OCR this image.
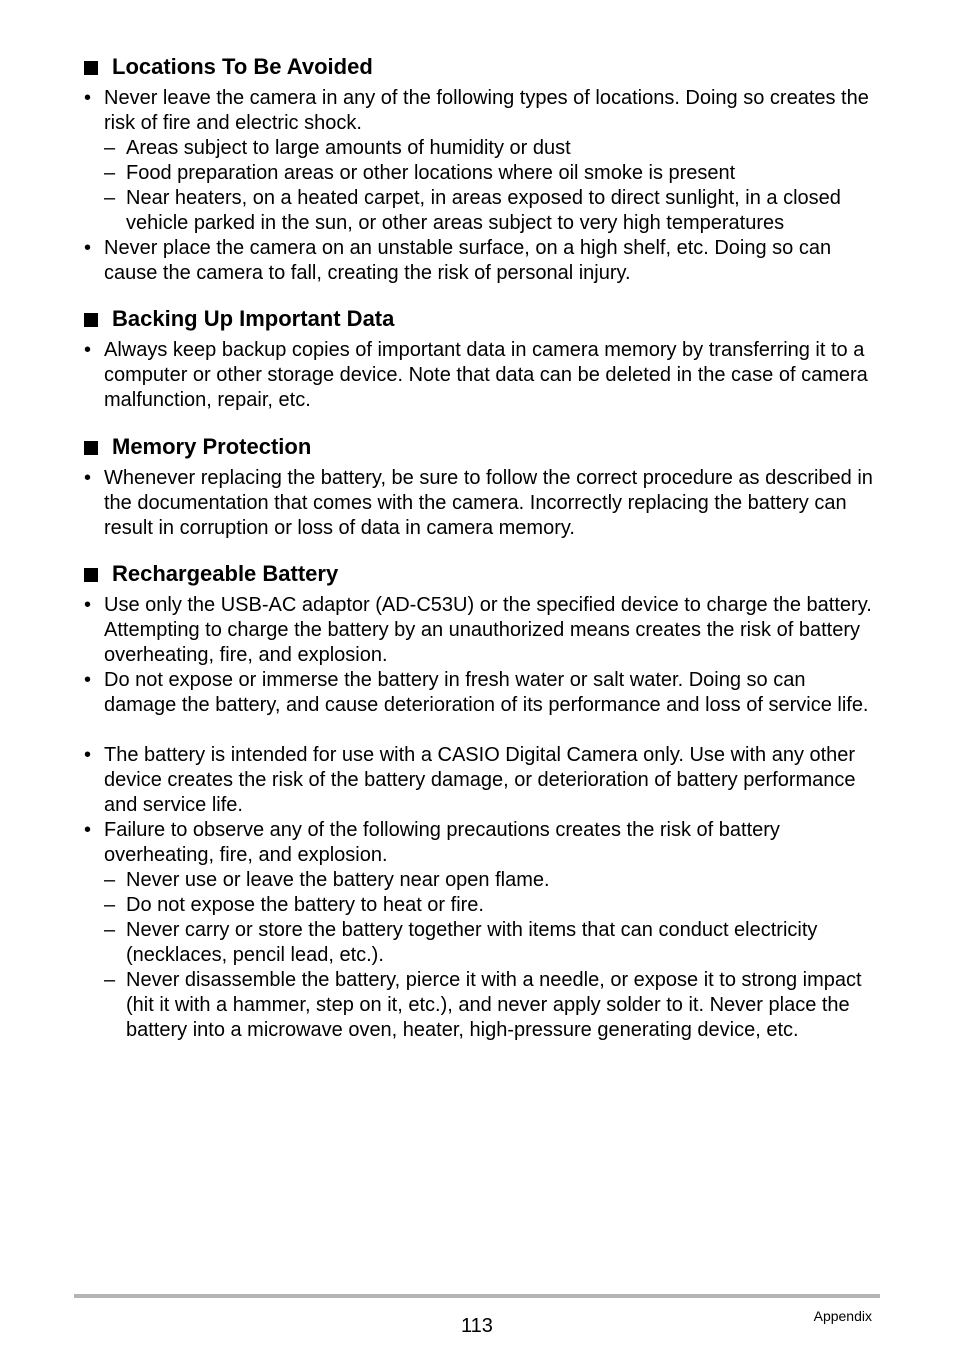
Locations To Be Avoided
• Never leave the camera in any of the following types of locations. Doing so creates the risk of fire and electric shock.
– Areas subject to large amounts of humidity or dust
– Food preparation areas or other locations where oil smoke is present
– Near heaters, on a heated carpet, in areas exposed to direct sunlight, in a closed vehicle parked in the sun, or other areas subject to very high temperatures
• Never place the camera on an unstable surface, on a high shelf, etc. Doing so can cause the camera to fall, creating the risk of personal injury.
Backing Up Important Data
• Always keep backup copies of important data in camera memory by transferring it to a computer or other storage device. Note that data can be deleted in the case of camera malfunction, repair, etc.
Memory Protection
• Whenever replacing the battery, be sure to follow the correct procedure as described in the documentation that comes with the camera. Incorrectly replacing the battery can result in corruption or loss of data in camera memory.
Rechargeable Battery
• Use only the USB-AC adaptor (AD-C53U) or the specified device to charge the battery. Attempting to charge the battery by an unauthorized means creates the risk of battery overheating, fire, and explosion.
• Do not expose or immerse the battery in fresh water or salt water. Doing so can damage the battery, and cause deterioration of its performance and loss of service life.
• The battery is intended for use with a CASIO Digital Camera only. Use with any other device creates the risk of the battery damage, or deterioration of battery performance and service life.
• Failure to observe any of the following precautions creates the risk of battery overheating, fire, and explosion.
– Never use or leave the battery near open flame.
– Do not expose the battery to heat or fire.
– Never carry or store the battery together with items that can conduct electricity (necklaces, pencil lead, etc.).
– Never disassemble the battery, pierce it with a needle, or expose it to strong impact (hit it with a hammer, step on it, etc.), and never apply solder to it. Never place the battery into a microwave oven, heater, high-pressure generating device, etc.
113	Appendix
